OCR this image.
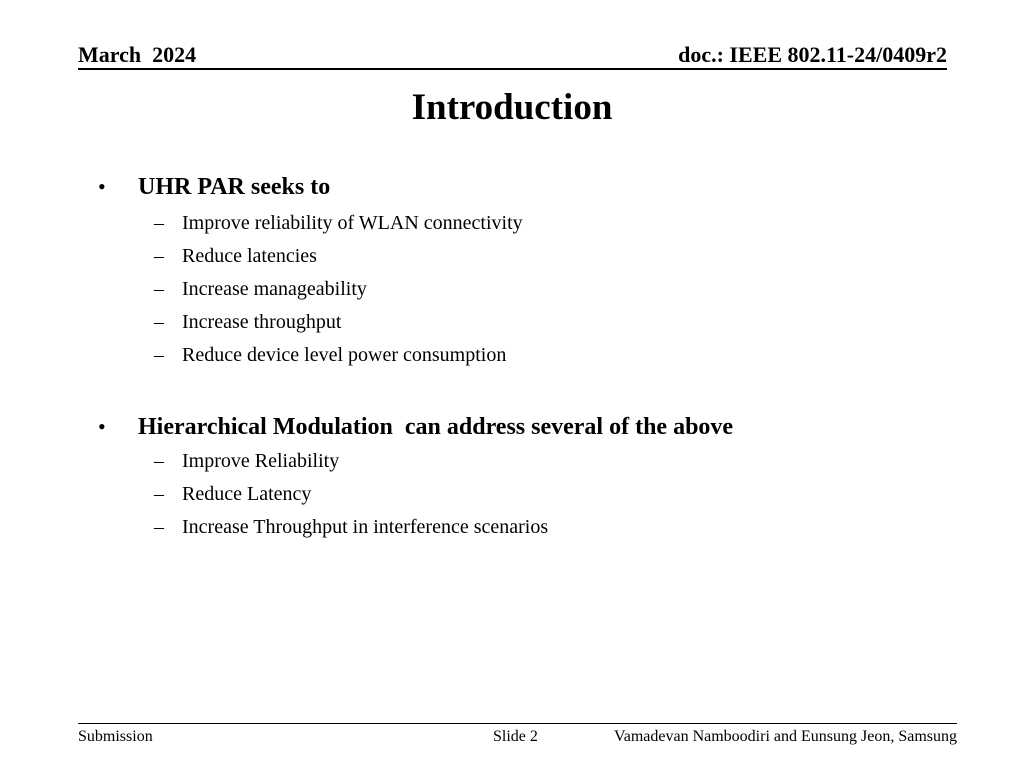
March  2024	doc.: IEEE 802.11-24/0409r2
Introduction
• UHR PAR seeks to
– Improve reliability of WLAN connectivity
– Reduce latencies
– Increase manageability
– Increase throughput
– Reduce device level power consumption
• Hierarchical Modulation  can address several of the above
– Improve Reliability
– Reduce Latency
– Increase Throughput in interference scenarios
Submission	Slide 2	Vamadevan Namboodiri and Eunsung Jeon, Samsung
